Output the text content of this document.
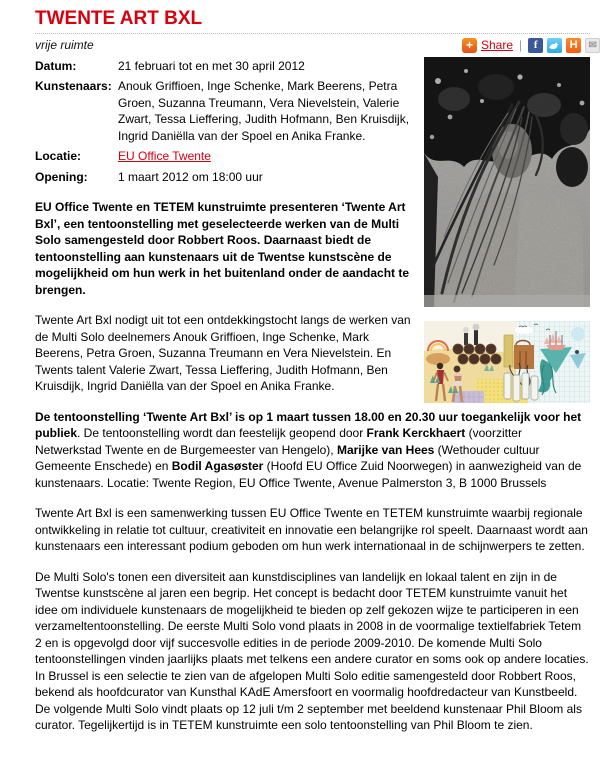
+ Share |	f	H	✉
TWENTE ART BXL
vrije ruimte
Datum:	21 februari tot en met 30 april 2012
Kunstenaars: Anouk Griffioen, Inge Schenke, Mark Beerens, Petra Groen, Suzanna Treumann, Vera Nievelstein, Valerie Zwart, Tessa Lieffering, Judith Hofmann, Ben Kruisdijk, Ingrid Daniëlla van der Spoel en Anika Franke.
Locatie:	EU Office Twente
Opening:	1 maart 2012 om 18:00 uur

EU Office Twente en TETEM kunstruimte presenteren ‘Twente Art Bxl’, een tentoonstelling met geselecteerde werken van de Multi Solo samengesteld door Robbert Roos. Daarnaast biedt de tentoonstelling aan kunstenaars uit de Twentse kunstscène de mogelijkheid om hun werk in het buitenland onder de aandacht te brengen.

Twente Art Bxl nodigt uit tot een ontdekkingstocht langs de werken van de Multi Solo deelnemers Anouk Griffioen, Inge Schenke, Mark Beerens, Petra Groen, Suzanna Treumann en Vera Nievelstein. En Twents talent Valerie Zwart, Tessa Lieffering, Judith Hofmann, Ben Kruisdijk, Ingrid Daniëlla van der Spoel en Anika Franke.

De tentoonstelling ‘Twente Art Bxl’ is op 1 maart tussen 18.00 en 20.30 uur toegankelijk voor het publiek. De tentoonstelling wordt dan feestelijk geopend door Frank Kerckhaert (voorzitter Netwerkstad Twente en de Burgemeester van Hengelo), Marijke van Hees (Wethouder cultuur Gemeente Enschede) en Bodil Agasøster (Hoofd EU Office Zuid Noorwegen) in aanwezigheid van de kunstenaars. Locatie: Twente Region, EU Office Twente, Avenue Palmerston 3, B 1000 Brussels

Twente Art Bxl is een samenwerking tussen EU Office Twente en TETEM kunstruimte waarbij regionale ontwikkeling in relatie tot cultuur, creativiteit en innovatie een belangrijke rol speelt. Daarnaast wordt aan kunstenaars een interessant podium geboden om hun werk internationaal in de schijnwerpers te zetten.

De Multi Solo's tonen een diversiteit aan kunstdisciplines van landelijk en lokaal talent en zijn in de Twentse kunstscène al jaren een begrip. Het concept is bedacht door TETEM kunstruimte vanuit het idee om individuele kunstenaars de mogelijkheid te bieden op zelf gekozen wijze te participeren in een verzameltentoonstelling. De eerste Multi Solo vond plaats in 2008 in de voormalige textielfabriek Tetem 2 en is opgevolgd door vijf succesvolle edities in de periode 2009-2010. De komende Multi Solo tentoonstellingen vinden jaarlijks plaats met telkens een andere curator en soms ook op andere locaties. In Brussel is een selectie te zien van de afgelopen Multi Solo editie samengesteld door Robbert Roos, bekend als hoofdcurator van Kunsthal KAdE Amersfoort en voormalig hoofdredacteur van Kunstbeeld. De volgende Multi Solo vindt plaats op 12 juli t/m 2 september met beeldend kunstenaar Phil Bloom als curator. Tegelijkertijd is in TETEM kunstruimte een solo tentoonstelling van Phil Bloom te zien.
